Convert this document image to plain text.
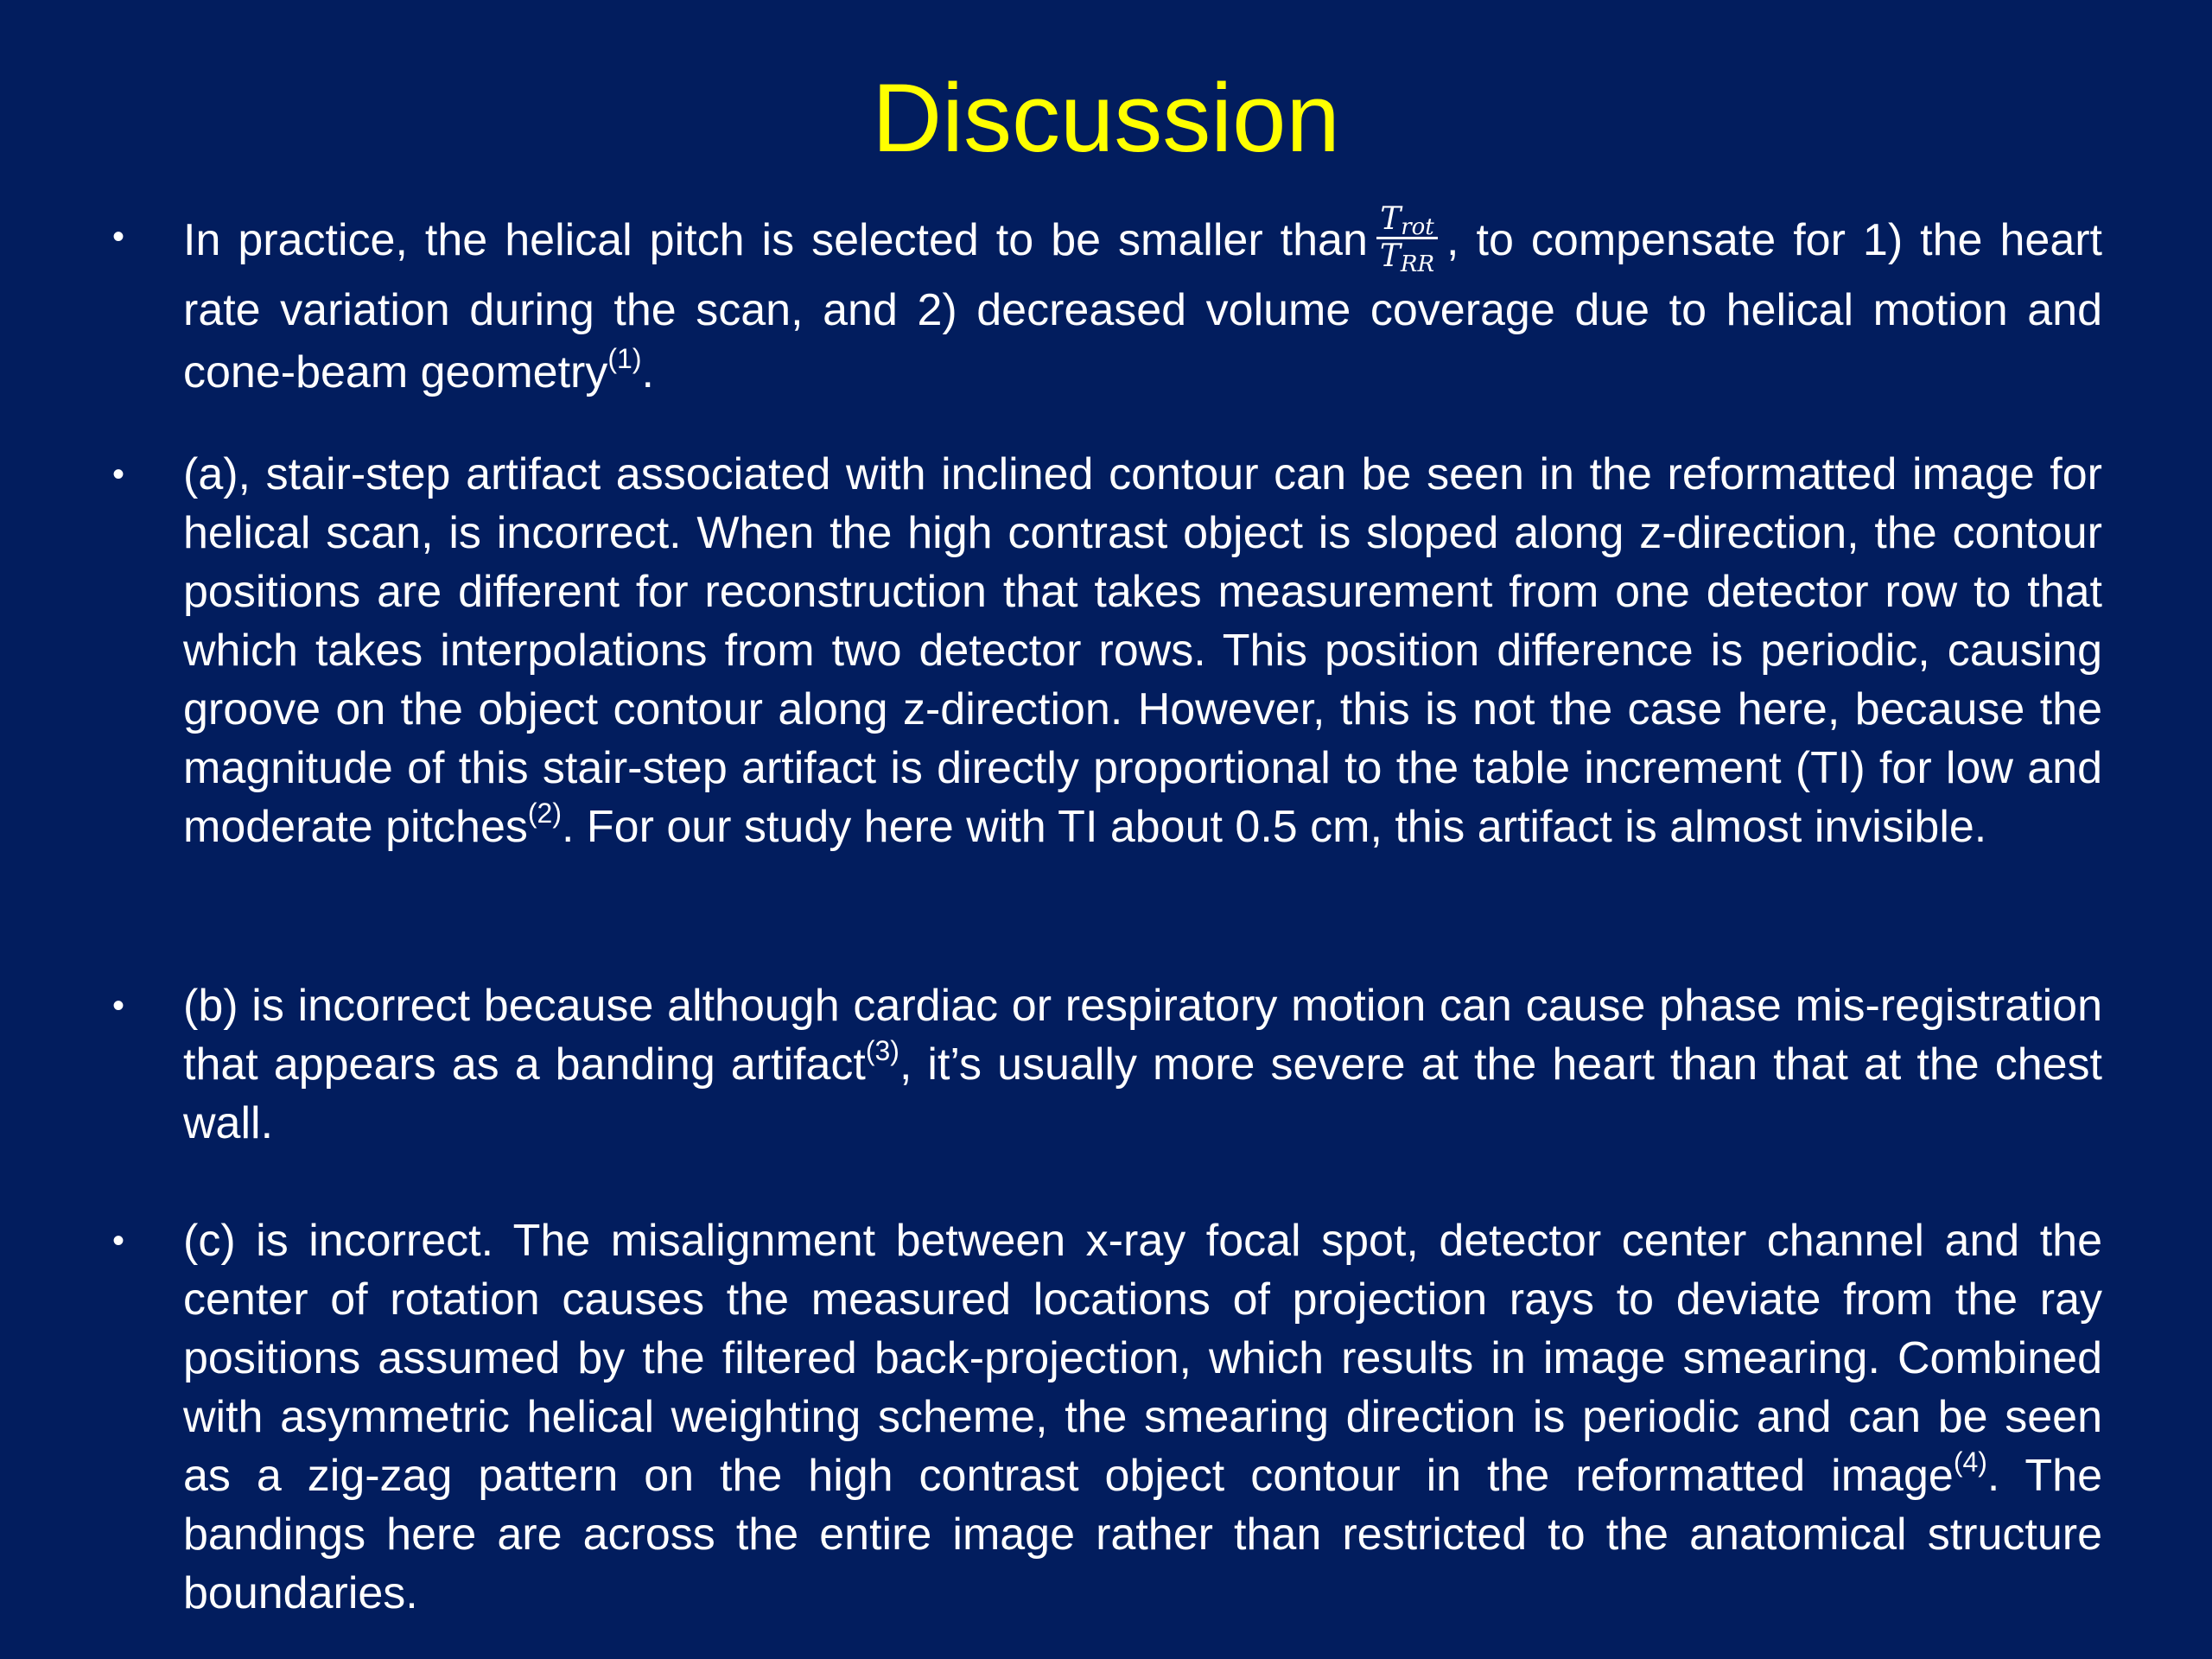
Discussion
• In practice, the helical pitch is selected to be smaller than $\frac{T_{rot}}{T_{RR}}$ , to compensate for 1) the heart rate variation during the scan, and 2) decreased volume coverage due to helical motion and cone-beam geometry$^{(1)}$.
• (a), stair-step artifact associated with inclined contour can be seen in the reformatted image for helical scan, is incorrect. When the high contrast object is sloped along z-direction, the contour positions are different for reconstruction that takes measurement from one detector row to that which takes interpolations from two detector rows. This position difference is periodic, causing groove on the object contour along z-direction. However, this is not the case here, because the magnitude of this stair-step artifact is directly proportional to the table increment (TI) for low and moderate pitches$^{(2)}$. For our study here with TI about 0.5 cm, this artifact is almost invisible.
• (b) is incorrect because although cardiac or respiratory motion can cause phase mis-registration that appears as a banding artifact$^{(3)}$, it’s usually more severe at the heart than that at the chest wall.
• (c) is incorrect. The misalignment between x-ray focal spot, detector center channel and the center of rotation causes the measured locations of projection rays to deviate from the ray positions assumed by the filtered back-projection, which results in image smearing. Combined with asymmetric helical weighting scheme, the smearing direction is periodic and can be seen as a zig-zag pattern on the high contrast object contour in the reformatted image$^{(4)}$. The bandings here are across the entire image rather than restricted to the anatomical structure boundaries.
